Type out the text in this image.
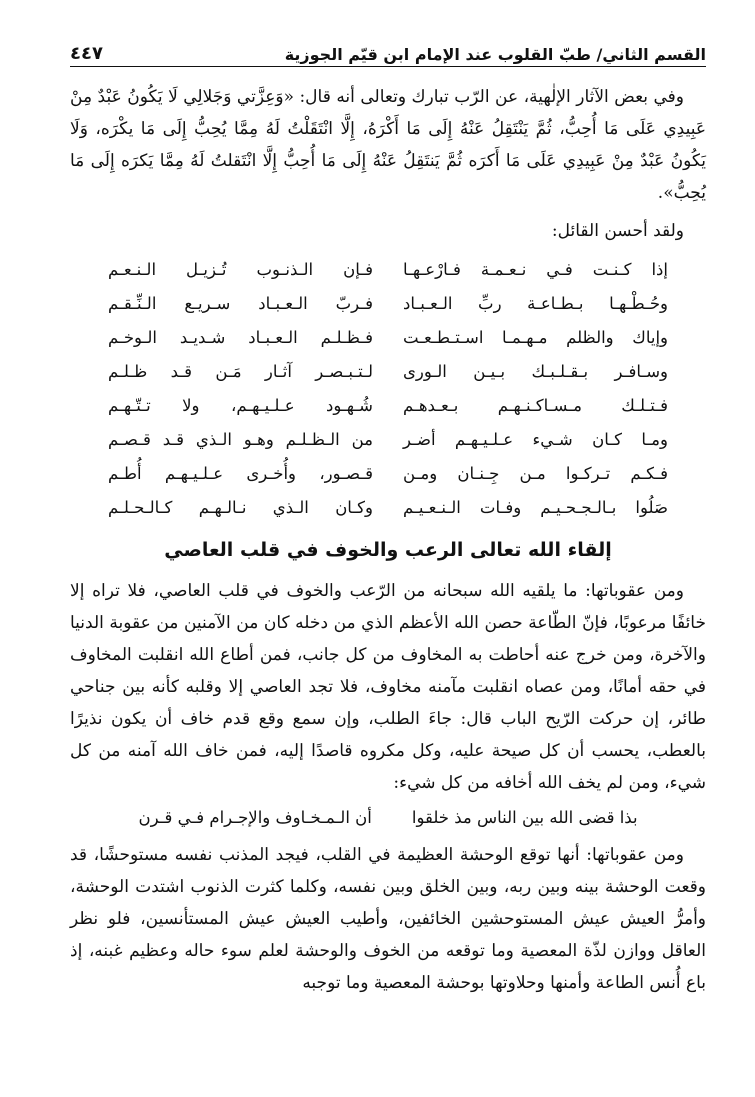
القسم الثاني/ طبّ القلوب عند الإمام ابن قيّم الجوزية
٤٤٧

وفي بعض الآثار الإلٰهية، عن الرّب تبارك وتعالى أنه قال: «وَعِزَّتي وَجَلالِي لَا يَكُونُ عَبْدٌ مِنْ عَبِيدِي عَلَى مَا أُحِبُّ، ثُمَّ يَنْتَقِلُ عَنْهُ إِلَى مَا أَكْرَهُ، إِلَّا انْتَقَلْتُ لَهُ مِمَّا يُحِبُّ إِلَى مَا يكْرَه، وَلَا يَكُونُ عَبْدٌ مِنْ عَبِيدِي عَلَى مَا أَكرَه ثُمَّ يَنتَقِلُ عَنْهُ إِلَى مَا أُحِبُّ إِلَّا انْتَقلتُ لَهُ مِمَّا يَكرَه إِلَى مَا يُحِبُّ».

ولقد أحسن القائل:

إذا كـنـت فـي نـعـمـة فـارْعـهـا
فـإن الـذنـوب تُـزيـل الـنـعـم
وحُـطْـهـا بـطـاعـة ربِّ الـعـبـاد
فـربّ الـعـبـاد سـريـع الـنِّـقـم
وإياك والظلم مـهـمـا اسـتـطـعـت
فـظـلـم الـعـبـاد شـديـد الـوخـم
وسـافـر بـقـلـبـك بـيـن الـورى
لـتـبـصـر آثـار مَـن قـد ظـلـم
فـتـلـك مـسـاكـنـهـم بـعـدهـم
شُـهـود عـلـيـهـم، ولا تـتّـهـم
ومـا كـان شـيء عـلـيـهـم أضـر
من الـظـلـم وهـو الـذي قـد قـصـم
فـكـم تـركـوا مـن جِـنـان ومـن
قـصـور، وأُخـرى عـلـيـهـم أُطـم
صَلُوا بـالـجـحـيـم وفـات الـنـعـيـم
وكـان الـذي نـالـهـم كـالـحـلـم
إلقاء الله تعالى الرعب والخوف في قلب العاصي

ومن عقوباتها: ما يلقيه الله سبحانه من الرّعب والخوف في قلب العاصي، فلا تراه إلا خائفًا مرعوبًا، فإنّ الطّاعة حصن الله الأعظم الذي من دخله كان من الآمنين من عقوبة الدنيا والآخرة، ومن خرج عنه أحاطت به المخاوف من كل جانب، فمن أطاع الله انقلبت المخاوف في حقه أمانًا، ومن عصاه انقلبت مآمنه مخاوف، فلا تجد العاصي إلا وقلبه كأنه بين جناحي طائر، إن حركت الرّيح الباب قال: جاءَ الطلب، وإن سمع وقع قدم خاف أن يكون نذيرًا بالعطب، يحسب أن كل صيحة عليه، وكل مكروه قاصدًا إليه، فمن خاف الله آمنه من كل شيء، ومن لم يخف الله أخافه من كل شيء:

بذا قضى الله بين الناس مذ خلقوا
أن الـمـخـاوف والإجـرام فـي قـرن

ومن عقوباتها: أنها توقع الوحشة العظيمة في القلب، فيجد المذنب نفسه مستوحشًا، قد وقعت الوحشة بينه وبين ربه، وبين الخلق وبين نفسه، وكلما كثرت الذنوب اشتدت الوحشة، وأمرُّ العيش عيش المستوحشين الخائفين، وأطيب العيش عيش المستأنسين، فلو نظر العاقل ووازن لذّة المعصية وما توقعه من الخوف والوحشة لعلم سوء حاله وعظيم غبنه، إذ باع أُنس الطاعة وأمنها وحلاوتها بوحشة المعصية وما توجبه
